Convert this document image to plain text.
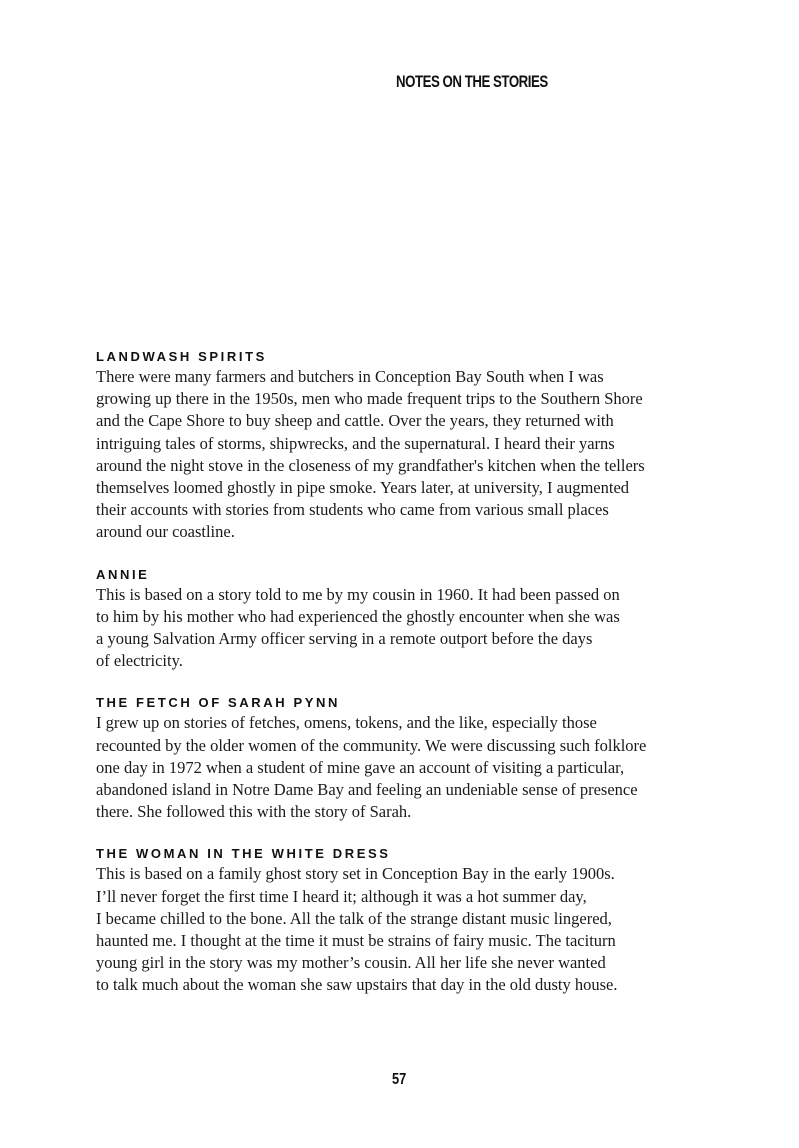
NOTES ON THE STORIES
LANDWASH SPIRITS

There were many farmers and butchers in Conception Bay South when I was
growing up there in the 1950s, men who made frequent trips to the Southern Shore
and the Cape Shore to buy sheep and cattle. Over the years, they returned with
intriguing tales of storms, shipwrecks, and the supernatural. I heard their yarns
around the night stove in the closeness of my grandfather's kitchen when the tellers
themselves loomed ghostly in pipe smoke. Years later, at university, I augmented
their accounts with stories from students who came from various small places
around our coastline.

ANNIE

This is based on a story told to me by my cousin in 1960. It had been passed on
to him by his mother who had experienced the ghostly encounter when she was
a young Salvation Army officer serving in a remote outport before the days
of electricity.

THE FETCH OF SARAH PYNN

I grew up on stories of fetches, omens, tokens, and the like, especially those
recounted by the older women of the community. We were discussing such folklore
one day in 1972 when a student of mine gave an account of visiting a particular,
abandoned island in Notre Dame Bay and feeling an undeniable sense of presence
there. She followed this with the story of Sarah.

THE WOMAN IN THE WHITE DRESS

This is based on a family ghost story set in Conception Bay in the early 1900s.
I’ll never forget the first time I heard it; although it was a hot summer day,
I became chilled to the bone. All the talk of the strange distant music lingered,
haunted me. I thought at the time it must be strains of fairy music. The taciturn
young girl in the story was my mother’s cousin. All her life she never wanted
to talk much about the woman she saw upstairs that day in the old dusty house.

57
